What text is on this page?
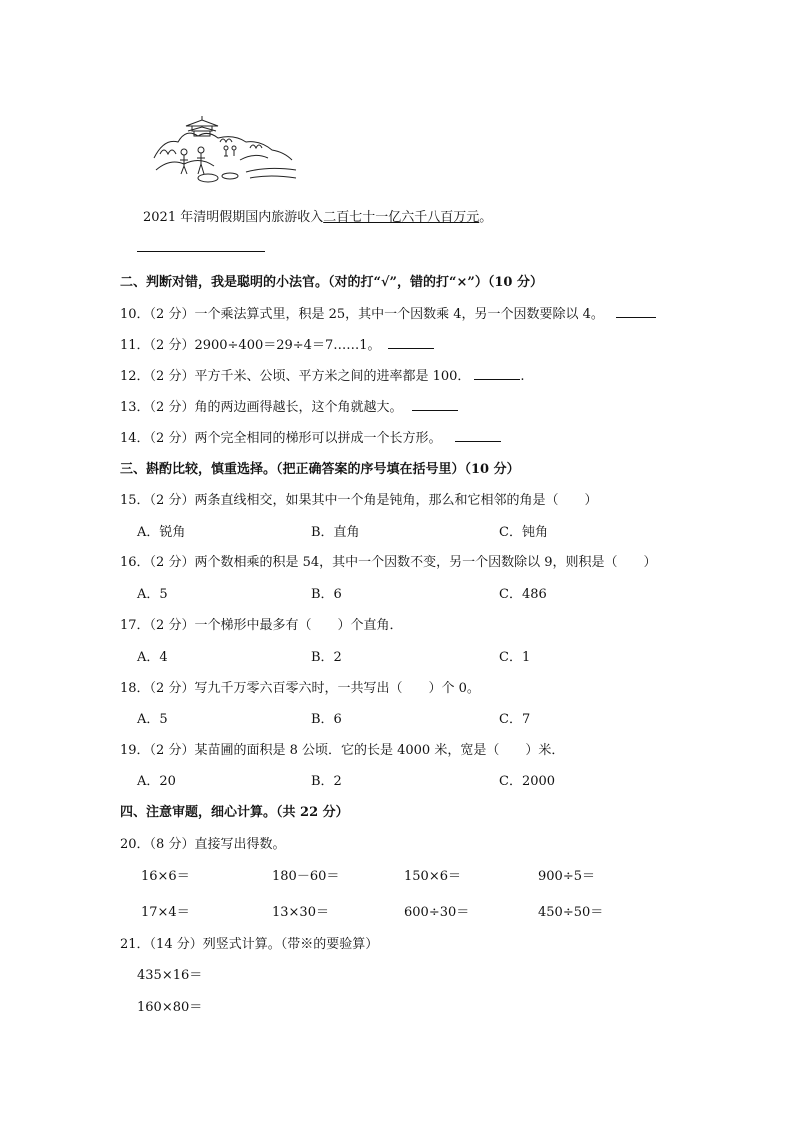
2021 年清明假期国内旅游收入二百七十一亿六千八百万元。
二、判断对错，我是聪明的小法官。（对的打“√”，错的打“×”）（10 分）
10．（2 分）一个乘法算式里，积是 25，其中一个因数乘 4，另一个因数要除以 4。
11．（2 分）2900÷400＝29÷4＝7……1。
12．（2 分）平方千米、公顷、平方米之间的进率都是 100．	.
13．（2 分）角的两边画得越长，这个角就越大。
14．（2 分）两个完全相同的梯形可以拼成一个长方形。
三、斟酌比较，慎重选择。（把正确答案的序号填在括号里）（10 分）
15．（2 分）两条直线相交，如果其中一个角是钝角，那么和它相邻的角是（　　）
A．锐角	B．直角	C．钝角
16．（2 分）两个数相乘的积是 54，其中一个因数不变，另一个因数除以 9，则积是（　　）
A．5	B．6	C．486
17．（2 分）一个梯形中最多有（　　）个直角．
A．4	B．2	C．1
18．（2 分）写九千万零六百零六时，一共写出（　　）个 0。
A．5	B．6	C．7
19．（2 分）某苗圃的面积是 8 公顷．它的长是 4000 米，宽是（　　）米．
A．20	B．2	C．2000
四、注意审题，细心计算。（共 22 分）
20．（8 分）直接写出得数。
16×6＝	180－60＝	150×6＝	900÷5＝
17×4＝	13×30＝	600÷30＝	450÷50＝
21．（14 分）列竖式计算。（带※的要验算）
435×16＝
160×80＝
